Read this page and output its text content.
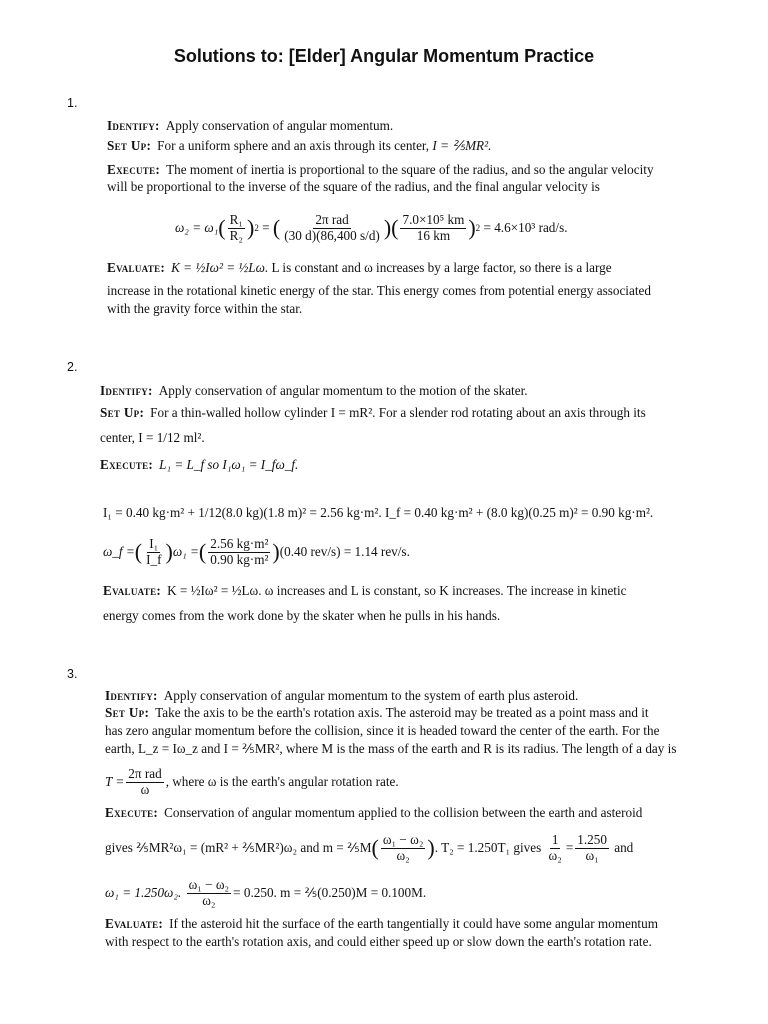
Solutions to: [Elder] Angular Momentum Practice
1.
Identify: Apply conservation of angular momentum.
Set Up: For a uniform sphere and an axis through its center, I = ⅖MR².
Execute: The moment of inertia is proportional to the square of the radius, and so the angular velocity
will be proportional to the inverse of the square of the radius, and the final angular velocity is
ω₂ = ω₁ ( R₁
R₂ ) 2 = (	2π rad
(30 d)(86,400 s/d) )( $\frac{\text{7.0×10⁵ km}}{16 km}$ ) 2
= 4.6×10³ rad/s.
Evaluate: K = ½Iω² = ½Lω. L is constant and ω increases by a large factor, so there is a large
increase in the rotational kinetic energy of the star. This energy comes from potential energy associated
with the gravity force within the star.
2.
Identify: Apply conservation of angular momentum to the motion of the skater.
Set Up: For a thin-walled hollow cylinder I = mR². For a slender rod rotating about an axis through its
center, I = 1/12 ml².
Execute: L₁ = L_f so I₁ω₁ = I_fω_f.
I₁ = 0.40 kg·m² + 1/12(8.0 kg)(1.8 m)² = 2.56 kg·m². I_f = 0.40 kg·m² + (8.0 kg)(0.25 m)² = 0.90 kg·m².
ω_f = ( I₁
I_f ) ω₁ = ( $\frac{\text{2.56 kg·m²}}{\text{0.90 kg·m²}}$ ) (0.40 rev/s) = 1.14 rev/s.
Evaluate: K = ½Iω² = ½Lω. ω increases and L is constant, so K increases. The increase in kinetic
energy comes from the work done by the skater when he pulls in his hands.
3.
Identify: Apply conservation of angular momentum to the system of earth plus asteroid.
Set Up: Take the axis to be the earth's rotation axis. The asteroid may be treated as a point mass and it
has zero angular momentum before the collision, since it is headed toward the center of the earth. For the
earth, L_z = Iω_z and I = ⅖MR², where M is the mass of the earth and R is its radius. The length of a day is
T =
2π rad
ω , where ω is the earth's angular rotation rate.
Execute: Conservation of angular momentum applied to the collision between the earth and asteroid
gives ⅖MR²ω₁ = (mR² + ⅖MR²)ω₂ and m = ⅖M ( $\frac{\text{ω₁ − ω₂}}{\text{ω₂}}$ ) . T₂ = 1.250T₁ gives
$\frac{1}{\text{ω₂}} = \frac{1.250}{\text{ω₁}}$
and
ω₁ = 1.250ω₂.
$\frac{\text{ω₁ − ω₂}}{\text{ω₂}} = 0.250$. m = ⅖(0.250)M = 0.100M.
Evaluate: If the asteroid hit the surface of the earth tangentially it could have some angular momentum
with respect to the earth's rotation axis, and could either speed up or slow down the earth's rotation rate.
